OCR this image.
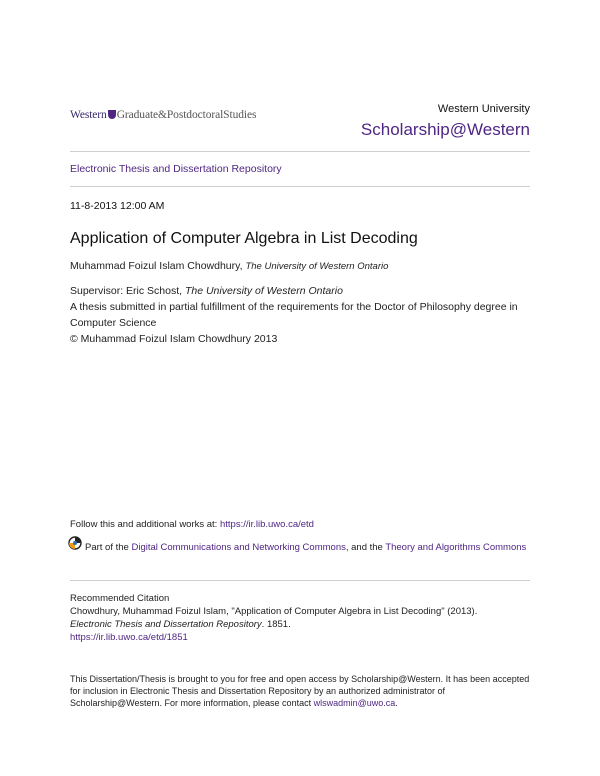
Western Graduate&PostdoctoralStudies	Western University
Scholarship@Western
Electronic Thesis and Dissertation Repository
11-8-2013 12:00 AM
Application of Computer Algebra in List Decoding
Muhammad Foizul Islam Chowdhury, The University of Western Ontario
Supervisor: Eric Schost, The University of Western Ontario
A thesis submitted in partial fulfillment of the requirements for the Doctor of Philosophy degree in Computer Science
© Muhammad Foizul Islam Chowdhury 2013
Follow this and additional works at: https://ir.lib.uwo.ca/etd
Part of the Digital Communications and Networking Commons, and the Theory and Algorithms Commons
Recommended Citation
Chowdhury, Muhammad Foizul Islam, "Application of Computer Algebra in List Decoding" (2013).
Electronic Thesis and Dissertation Repository. 1851.
https://ir.lib.uwo.ca/etd/1851
This Dissertation/Thesis is brought to you for free and open access by Scholarship@Western. It has been accepted for inclusion in Electronic Thesis and Dissertation Repository by an authorized administrator of Scholarship@Western. For more information, please contact wlswadmin@uwo.ca.
